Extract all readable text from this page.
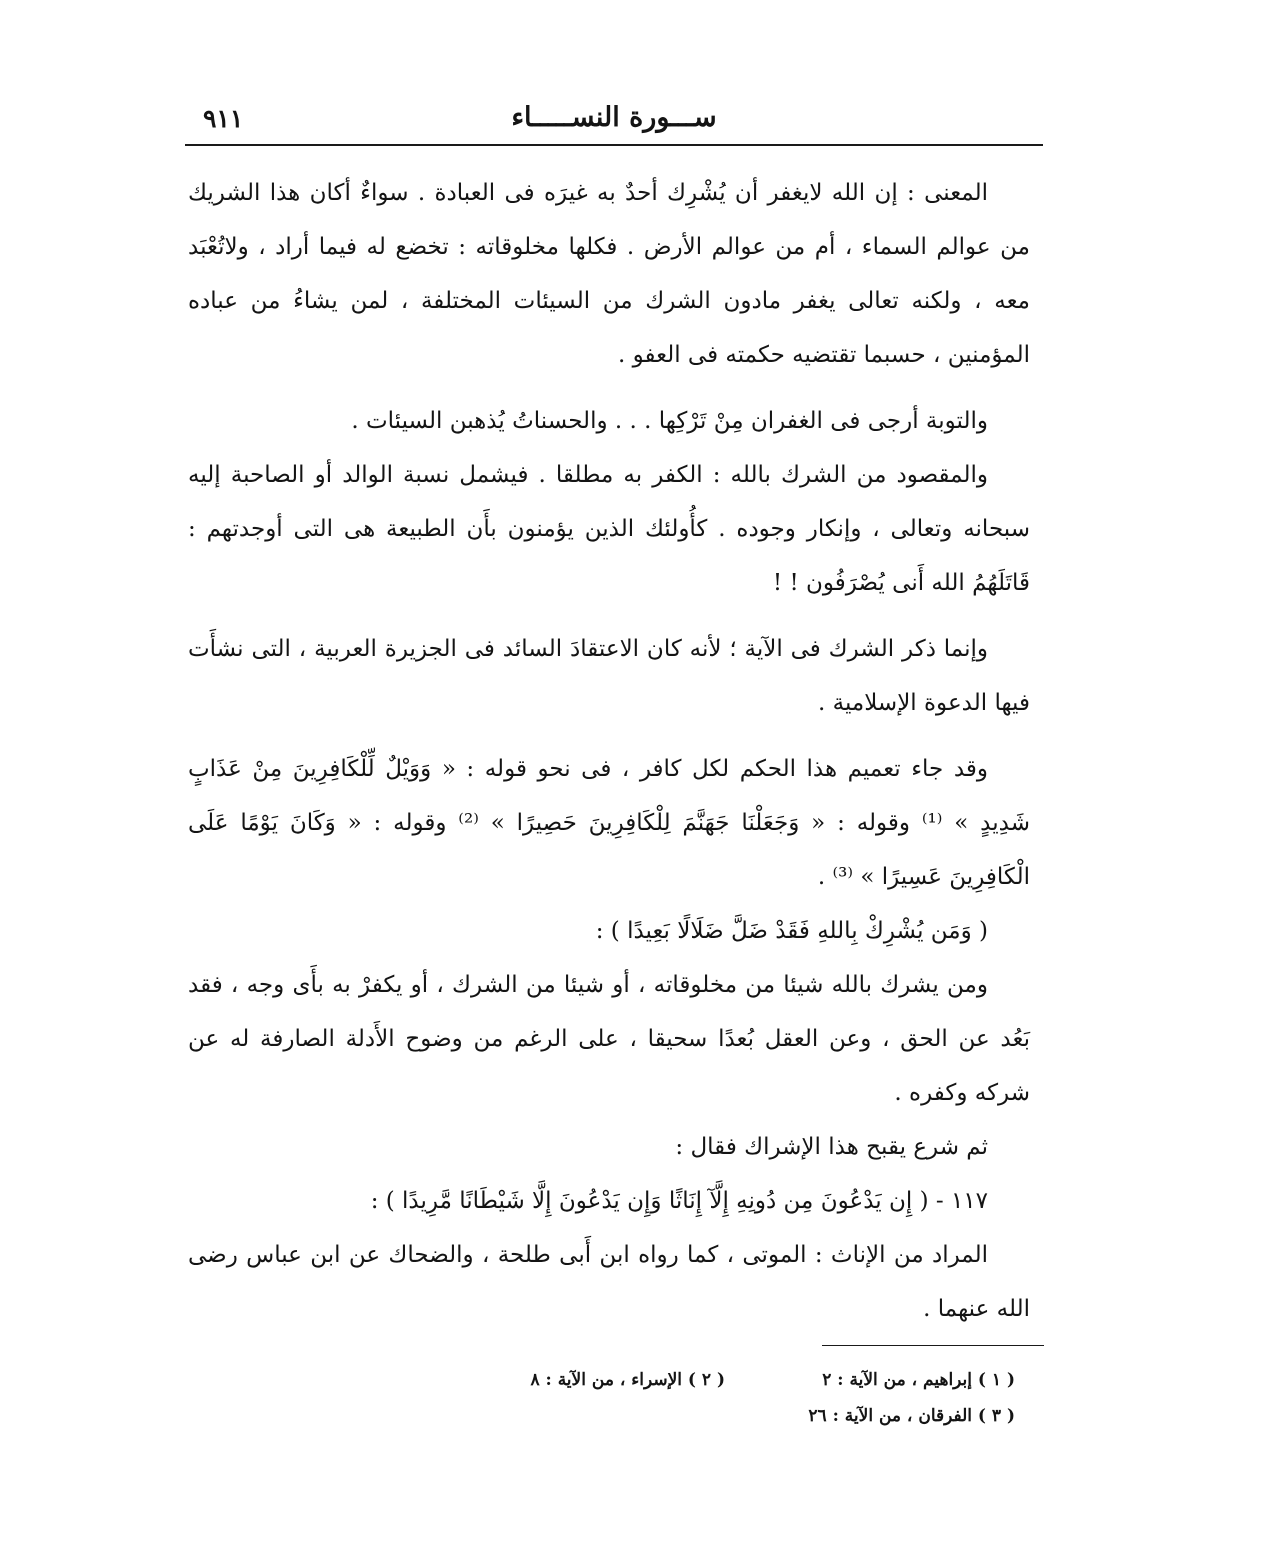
ســـورة النســـــاء
٩١١

المعنى : إن الله لايغفر أن يُشْرِك أحدٌ به غيرَه فى العبادة . سواءٌ أكان هذا الشريك من عوالم السماء ، أم من عوالم الأرض . فكلها مخلوقاته : تخضع له فيما أراد ، ولاتُعْبَد معه ، ولكنه تعالى يغفر مادون الشرك من السيئات المختلفة ، لمن يشاءُ من عباده المؤمنين ، حسبما تقتضيه حكمته فى العفو .

والتوبة أرجى فى الغفران مِنْ تَرْكِها . . . والحسناتُ يُذهبن السيئات .

والمقصود من الشرك بالله : الكفر به مطلقا . فيشمل نسبة الوالد أو الصاحبة إليه سبحانه وتعالى ، وإنكار وجوده . كأُولئك الذين يؤمنون بأَن الطبيعة هى التى أوجدتهم : قَاتَلَهُمُ الله أَنى يُصْرَفُون ! !

وإنما ذكر الشرك فى الآية ؛ لأنه كان الاعتقادَ السائد فى الجزيرة العربية ، التى نشأَت فيها الدعوة الإسلامية .

وقد جاء تعميم هذا الحكم لكل كافر ، فى نحو قوله : « وَوَيْلٌ لِّلْكَافِرِينَ مِنْ عَذَابٍ شَدِيدٍ » ⁽¹⁾ وقوله : « وَجَعَلْنَا جَهَنَّمَ لِلْكَافِرِينَ حَصِيرًا » ⁽²⁾ وقوله : « وَكَانَ يَوْمًا عَلَى الْكَافِرِينَ عَسِيرًا » ⁽³⁾ .

( وَمَن يُشْرِكْ بِاللهِ فَقَدْ ضَلَّ ضَلَالًا بَعِيدًا ) :

ومن يشرك بالله شيئا من مخلوقاته ، أو شيئا من الشرك ، أو يكفرْ به بأَى وجه ، فقد بَعُد عن الحق ، وعن العقل بُعدًا سحيقا ، على الرغم من وضوح الأَدلة الصارفة له عن شركه وكفره .

ثم شرع يقبح هذا الإشراك فقال :

١١٧ - ( إِن يَدْعُونَ مِن دُونِهِ إِلَّآ إِنَاثًا وَإِن يَدْعُونَ إِلَّا شَيْطَانًا مَّرِيدًا ) :

المراد من الإناث : الموتى ، كما رواه ابن أَبى طلحة ، والضحاك عن ابن عباس رضى الله عنهما .

( ١ ) إبراهيم ، من الآية : ٢
( ٢ ) الإسراء ، من الآية : ٨
( ٣ ) الفرقان ، من الآية : ٢٦
